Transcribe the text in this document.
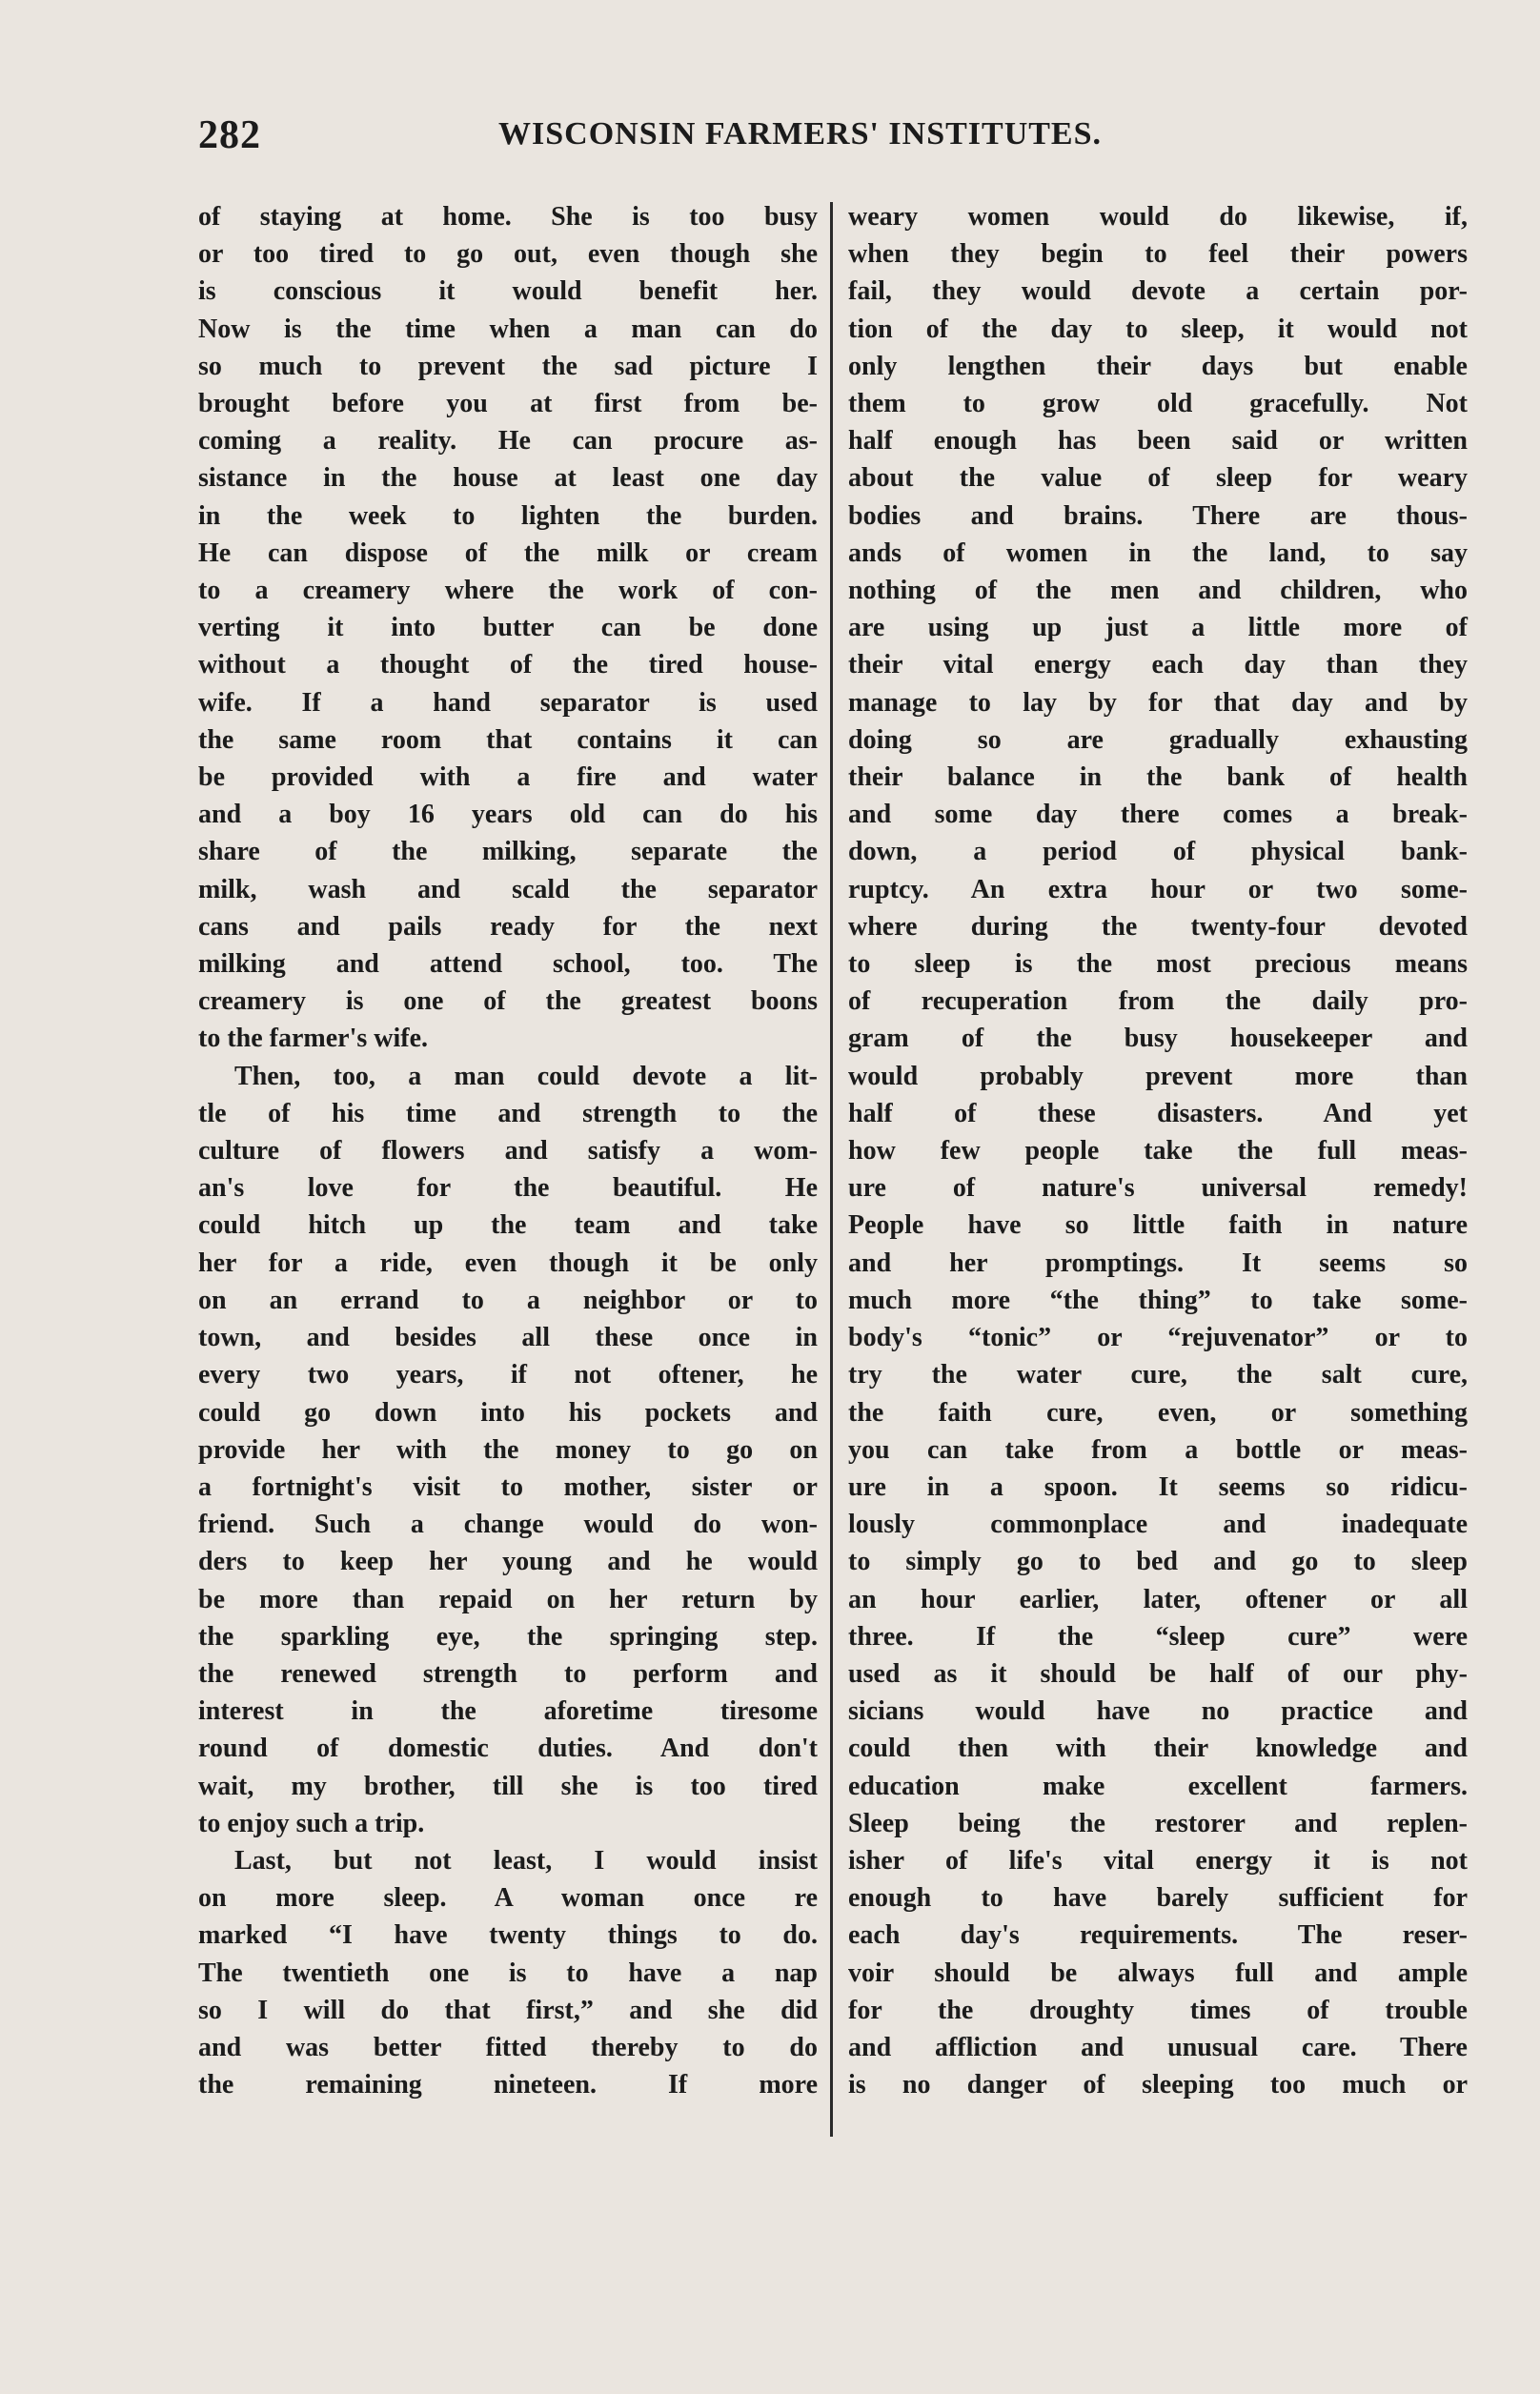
282	WISCONSIN FARMERS' INSTITUTES.
of staying at home. She is too busy
or too tired to go out, even though she
is conscious it would benefit her.
Now is the time when a man can do
so much to prevent the sad picture I
brought before you at first from be-
coming a reality. He can procure as-
sistance in the house at least one day
in the week to lighten the burden.
He can dispose of the milk or cream
to a creamery where the work of con-
verting it into butter can be done
without a thought of the tired house-
wife. If a hand separator is used
the same room that contains it can
be provided with a fire and water
and a boy 16 years old can do his
share of the milking, separate the
milk, wash and scald the separator
cans and pails ready for the next
milking and attend school, too. The
creamery is one of the greatest boons
to the farmer's wife.
Then, too, a man could devote a lit-
tle of his time and strength to the
culture of flowers and satisfy a wom-
an's love for the beautiful. He
could hitch up the team and take
her for a ride, even though it be only
on an errand to a neighbor or to
town, and besides all these once in
every two years, if not oftener, he
could go down into his pockets and
provide her with the money to go on
a fortnight's visit to mother, sister or
friend. Such a change would do won-
ders to keep her young and he would
be more than repaid on her return by
the sparkling eye, the springing step.
the renewed strength to perform and
interest in the aforetime tiresome
round of domestic duties. And don't
wait, my brother, till she is too tired
to enjoy such a trip.
Last, but not least, I would insist
on more sleep. A woman once re
marked “I have twenty things to do.
The twentieth one is to have a nap
so I will do that first,” and she did
and was better fitted thereby to do
the remaining nineteen. If more
weary women would do likewise, if,
when they begin to feel their powers
fail, they would devote a certain por-
tion of the day to sleep, it would not
only lengthen their days but enable
them to grow old gracefully. Not
half enough has been said or written
about the value of sleep for weary
bodies and brains. There are thous-
ands of women in the land, to say
nothing of the men and children, who
are using up just a little more of
their vital energy each day than they
manage to lay by for that day and by
doing so are gradually exhausting
their balance in the bank of health
and some day there comes a break-
down, a period of physical bank-
ruptcy. An extra hour or two some-
where during the twenty-four devoted
to sleep is the most precious means
of recuperation from the daily pro-
gram of the busy housekeeper and
would probably prevent more than
half of these disasters. And yet
how few people take the full meas-
ure of nature's universal remedy!
People have so little faith in nature
and her promptings. It seems so
much more “the thing” to take some-
body's “tonic” or “rejuvenator” or to
try the water cure, the salt cure,
the faith cure, even, or something
you can take from a bottle or meas-
ure in a spoon. It seems so ridicu-
lously commonplace and inadequate
to simply go to bed and go to sleep
an hour earlier, later, oftener or all
three. If the “sleep cure” were
used as it should be half of our phy-
sicians would have no practice and
could then with their knowledge and
education make excellent farmers.
Sleep being the restorer and replen-
isher of life's vital energy it is not
enough to have barely sufficient for
each day's requirements. The reser-
voir should be always full and ample
for the droughty times of trouble
and affliction and unusual care. There
is no danger of sleeping too much or
